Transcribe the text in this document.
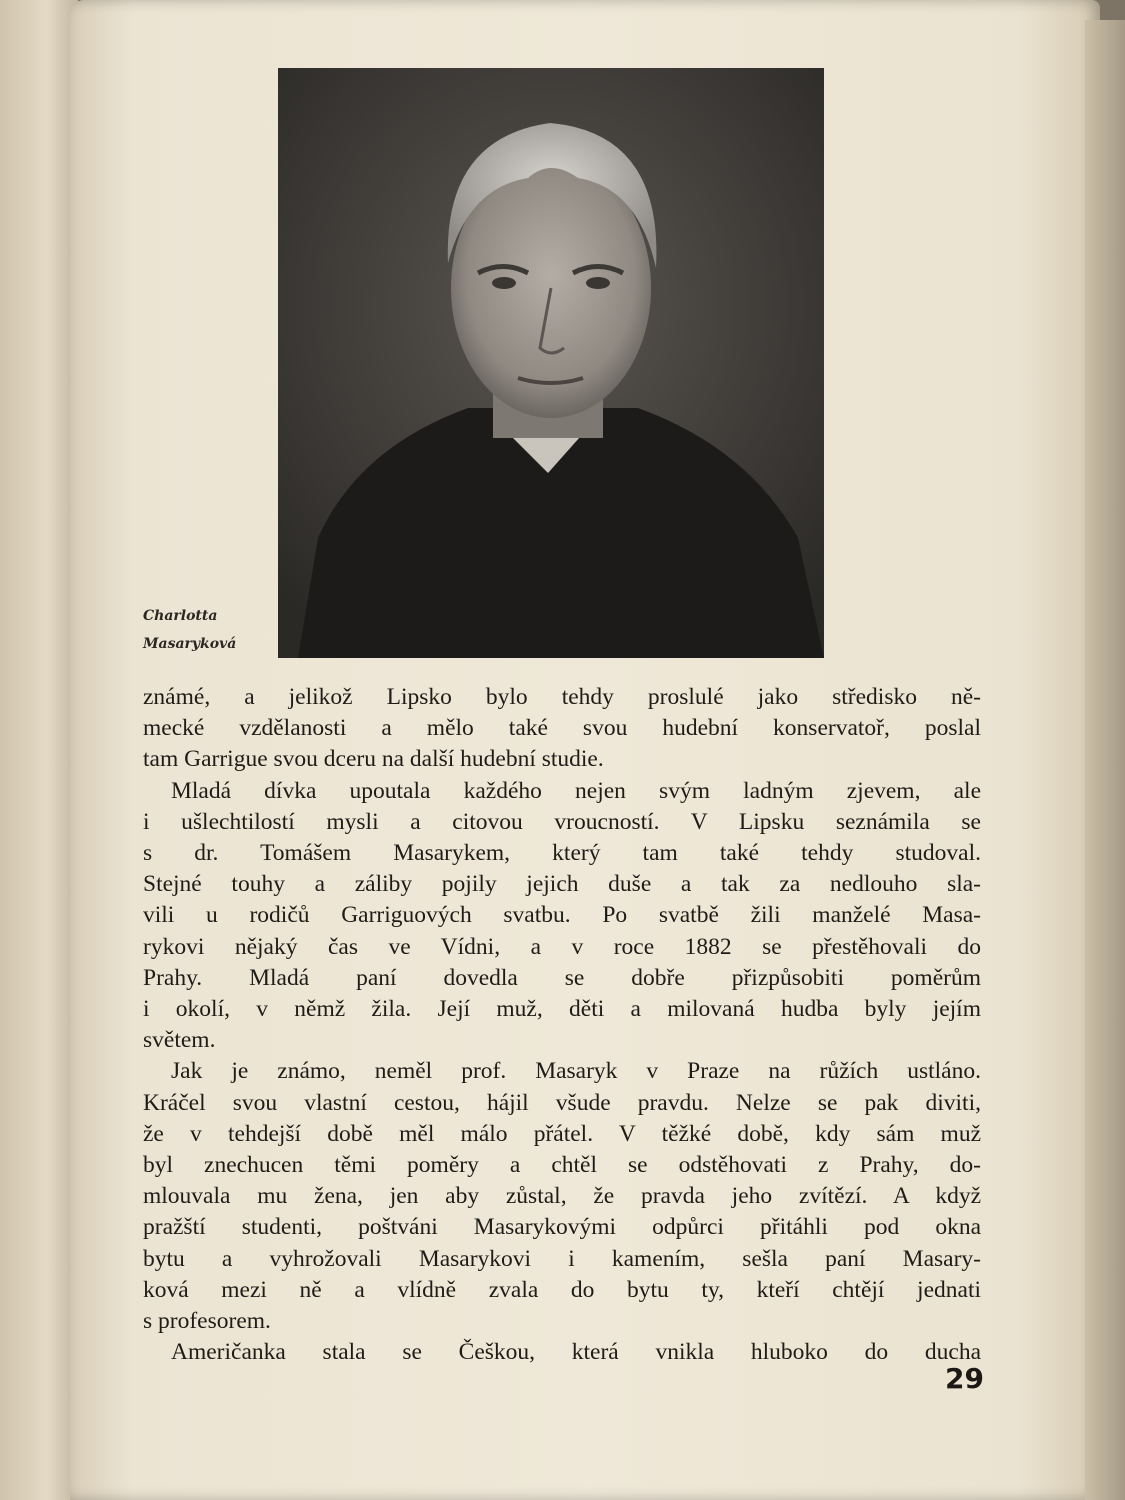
Charlotta
Masaryková

známé, a jelikož Lipsko bylo tehdy proslulé jako středisko ně-
mecké vzdělanosti a mělo také svou hudební konservatoř, poslal
tam Garrigue svou dceru na další hudební studie.

Mladá dívka upoutala každého nejen svým ladným zjevem, ale
i ušlechtilostí mysli a citovou vroucností. V Lipsku seznámila se
s dr. Tomášem Masarykem, který tam také tehdy studoval.
Stejné touhy a záliby pojily jejich duše a tak za nedlouho sla-
vili u rodičů Garriguových svatbu. Po svatbě žili manželé Masa-
rykovi nějaký čas ve Vídni, a v roce 1882 se přestěhovali do
Prahy. Mladá paní dovedla se dobře přizpůsobiti poměrům
i okolí, v němž žila. Její muž, děti a milovaná hudba byly jejím
světem.

Jak je známo, neměl prof. Masaryk v Praze na růžích ustláno.
Kráčel svou vlastní cestou, hájil všude pravdu. Nelze se pak diviti,
že v tehdejší době měl málo přátel. V těžké době, kdy sám muž
byl znechucen těmi poměry a chtěl se odstěhovati z Prahy, do-
mlouvala mu žena, jen aby zůstal, že pravda jeho zvítězí. A když
pražští studenti, poštváni Masarykovými odpůrci přitáhli pod okna
bytu a vyhrožovali Masarykovi i kamením, sešla paní Masary-
ková mezi ně a vlídně zvala do bytu ty, kteří chtějí jednati
s profesorem.

Američanka stala se Češkou, která vnikla hluboko do ducha

29
